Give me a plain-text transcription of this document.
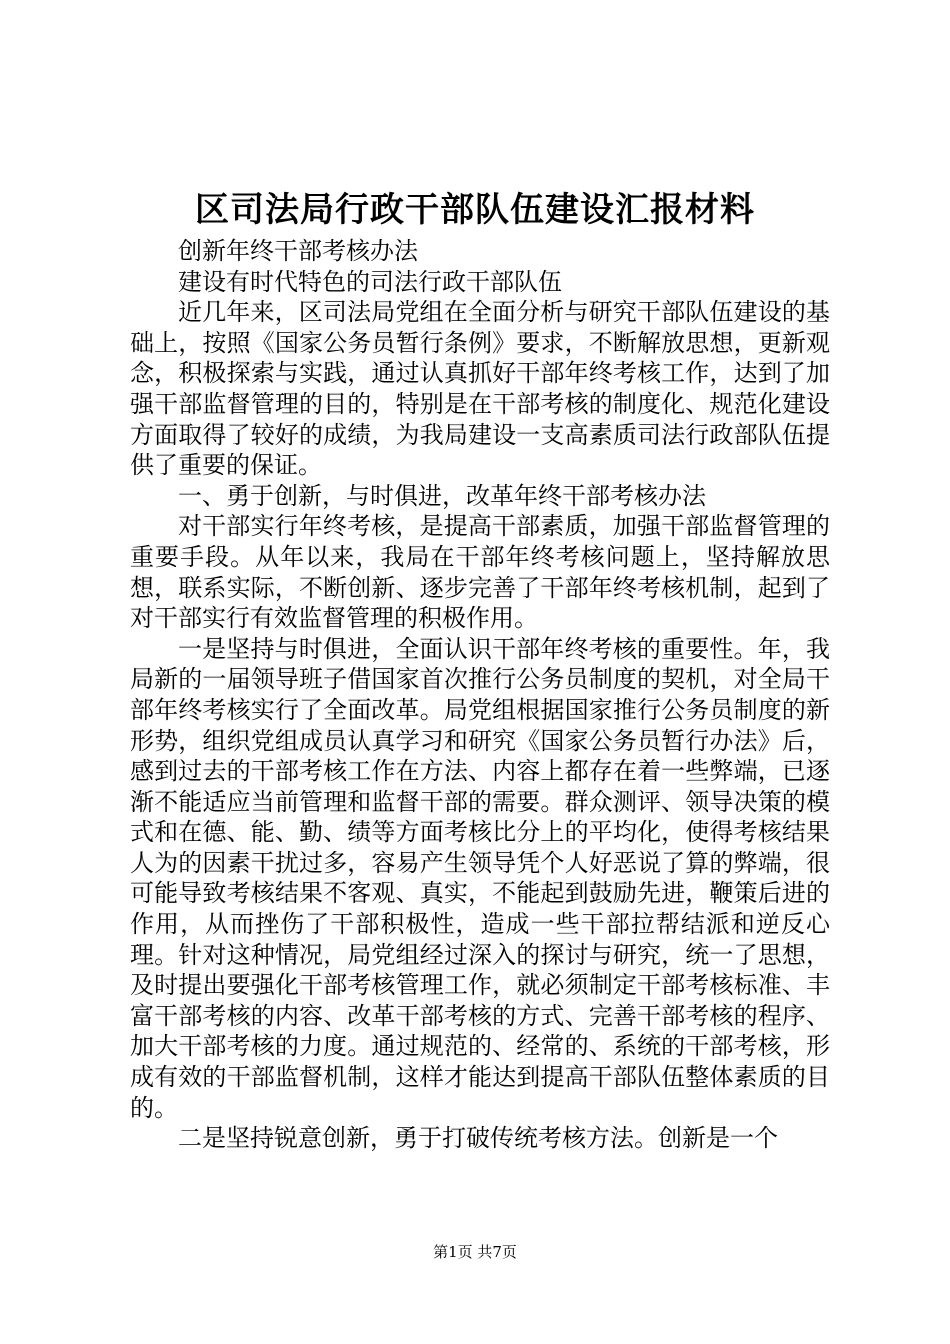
区司法局行政干部队伍建设汇报材料

创新年终干部考核办法

建设有时代特色的司法行政干部队伍

近几年来，区司法局党组在全面分析与研究干部队伍建设的基础上，按照《国家公务员暂行条例》要求，不断解放思想，更新观念，积极探索与实践，通过认真抓好干部年终考核工作，达到了加强干部监督管理的目的，特别是在干部考核的制度化、规范化建设方面取得了较好的成绩，为我局建设一支高素质司法行政部队伍提供了重要的保证。

一、勇于创新，与时俱进，改革年终干部考核办法

对干部实行年终考核，是提高干部素质，加强干部监督管理的重要手段。从年以来，我局在干部年终考核问题上，坚持解放思想，联系实际，不断创新、逐步完善了干部年终考核机制，起到了对干部实行有效监督管理的积极作用。

一是坚持与时俱进，全面认识干部年终考核的重要性。年，我局新的一届领导班子借国家首次推行公务员制度的契机，对全局干部年终考核实行了全面改革。局党组根据国家推行公务员制度的新形势，组织党组成员认真学习和研究《国家公务员暂行办法》后，感到过去的干部考核工作在方法、内容上都存在着一些弊端，已逐渐不能适应当前管理和监督干部的需要。群众测评、领导决策的模式和在德、能、勤、绩等方面考核比分上的平均化，使得考核结果人为的因素干扰过多，容易产生领导凭个人好恶说了算的弊端，很可能导致考核结果不客观、真实，不能起到鼓励先进，鞭策后进的作用，从而挫伤了干部积极性，造成一些干部拉帮结派和逆反心理。针对这种情况，局党组经过深入的探讨与研究，统一了思想，及时提出要强化干部考核管理工作，就必须制定干部考核标准、丰富干部考核的内容、改革干部考核的方式、完善干部考核的程序、加大干部考核的力度。通过规范的、经常的、系统的干部考核，形成有效的干部监督机制，这样才能达到提高干部队伍整体素质的目的。

二是坚持锐意创新，勇于打破传统考核方法。创新是一个

第1页 共7页
